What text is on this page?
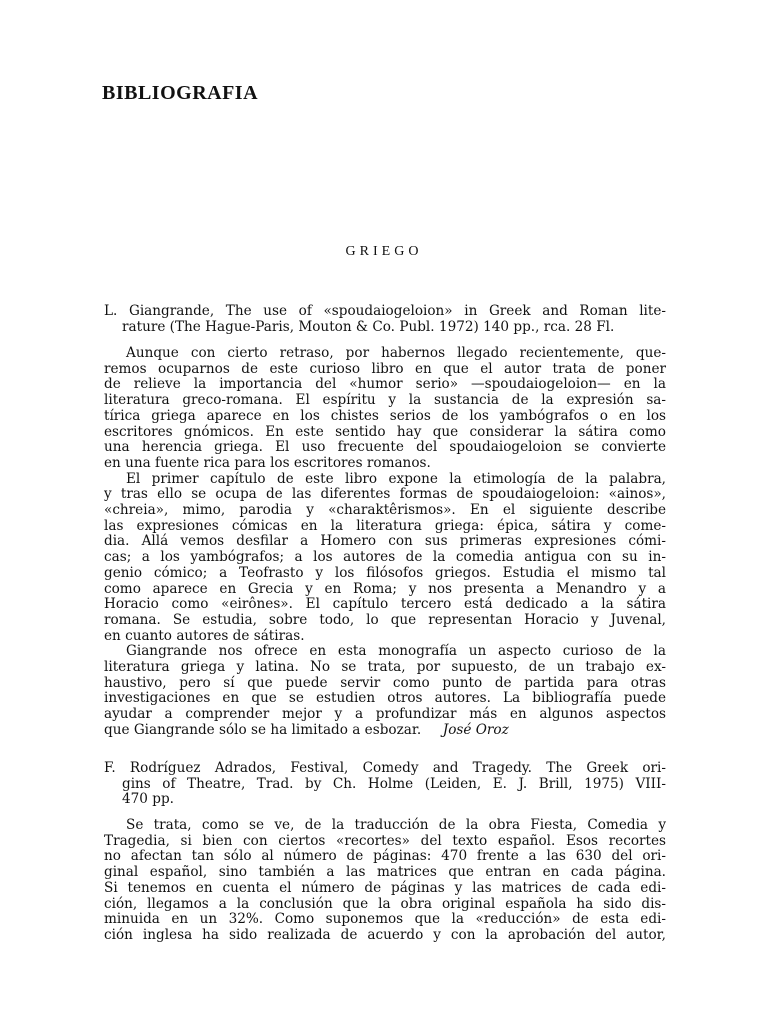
BIBLIOGRAFIA
GRIEGO
L. Giangrande, The use of «spoudaiogeloion» in Greek and Roman lite-
rature (The Hague-Paris, Mouton & Co. Publ. 1972) 140 pp., rca. 28 Fl.
Aunque con cierto retraso, por habernos llegado recientemente, que-
remos ocuparnos de este curioso libro en que el autor trata de poner
de relieve la importancia del «humor serio» —spoudaiogeloion— en la
literatura greco-romana. El espíritu y la sustancia de la expresión sa-
tírica griega aparece en los chistes serios de los yambógrafos o en los
escritores gnómicos. En este sentido hay que considerar la sátira como
una herencia griega. El uso frecuente del spoudaiogeloion se convierte
en una fuente rica para los escritores romanos.
El primer capítulo de este libro expone la etimología de la palabra,
y tras ello se ocupa de las diferentes formas de spoudaiogeloion: «ainos»,
«chreia», mimo, parodia y «charaktêrismos». En el siguiente describe
las expresiones cómicas en la literatura griega: épica, sátira y come-
dia. Allá vemos desfilar a Homero con sus primeras expresiones cómi-
cas; a los yambógrafos; a los autores de la comedia antigua con su in-
genio cómico; a Teofrasto y los filósofos griegos. Estudia el mismo tal
como aparece en Grecia y en Roma; y nos presenta a Menandro y a
Horacio como «eirônes». El capítulo tercero está dedicado a la sátira
romana. Se estudia, sobre todo, lo que representan Horacio y Juvenal,
en cuanto autores de sátiras.
Giangrande nos ofrece en esta monografía un aspecto curioso de la
literatura griega y latina. No se trata, por supuesto, de un trabajo ex-
haustivo, pero sí que puede servir como punto de partida para otras
investigaciones en que se estudien otros autores. La bibliografía puede
ayudar a comprender mejor y a profundizar más en algunos aspectos
que Giangrande sólo se ha limitado a esbozar. José Oroz
F. Rodríguez Adrados, Festival, Comedy and Tragedy. The Greek ori-
gins of Theatre, Trad. by Ch. Holme (Leiden, E. J. Brill, 1975) VIII-
470 pp.
Se trata, como se ve, de la traducción de la obra Fiesta, Comedia y
Tragedia, si bien con ciertos «recortes» del texto español. Esos recortes
no afectan tan sólo al número de páginas: 470 frente a las 630 del ori-
ginal español, sino también a las matrices que entran en cada página.
Si tenemos en cuenta el número de páginas y las matrices de cada edi-
ción, llegamos a la conclusión que la obra original española ha sido dis-
minuida en un 32%. Como suponemos que la «reducción» de esta edi-
ción inglesa ha sido realizada de acuerdo y con la aprobación del autor,
